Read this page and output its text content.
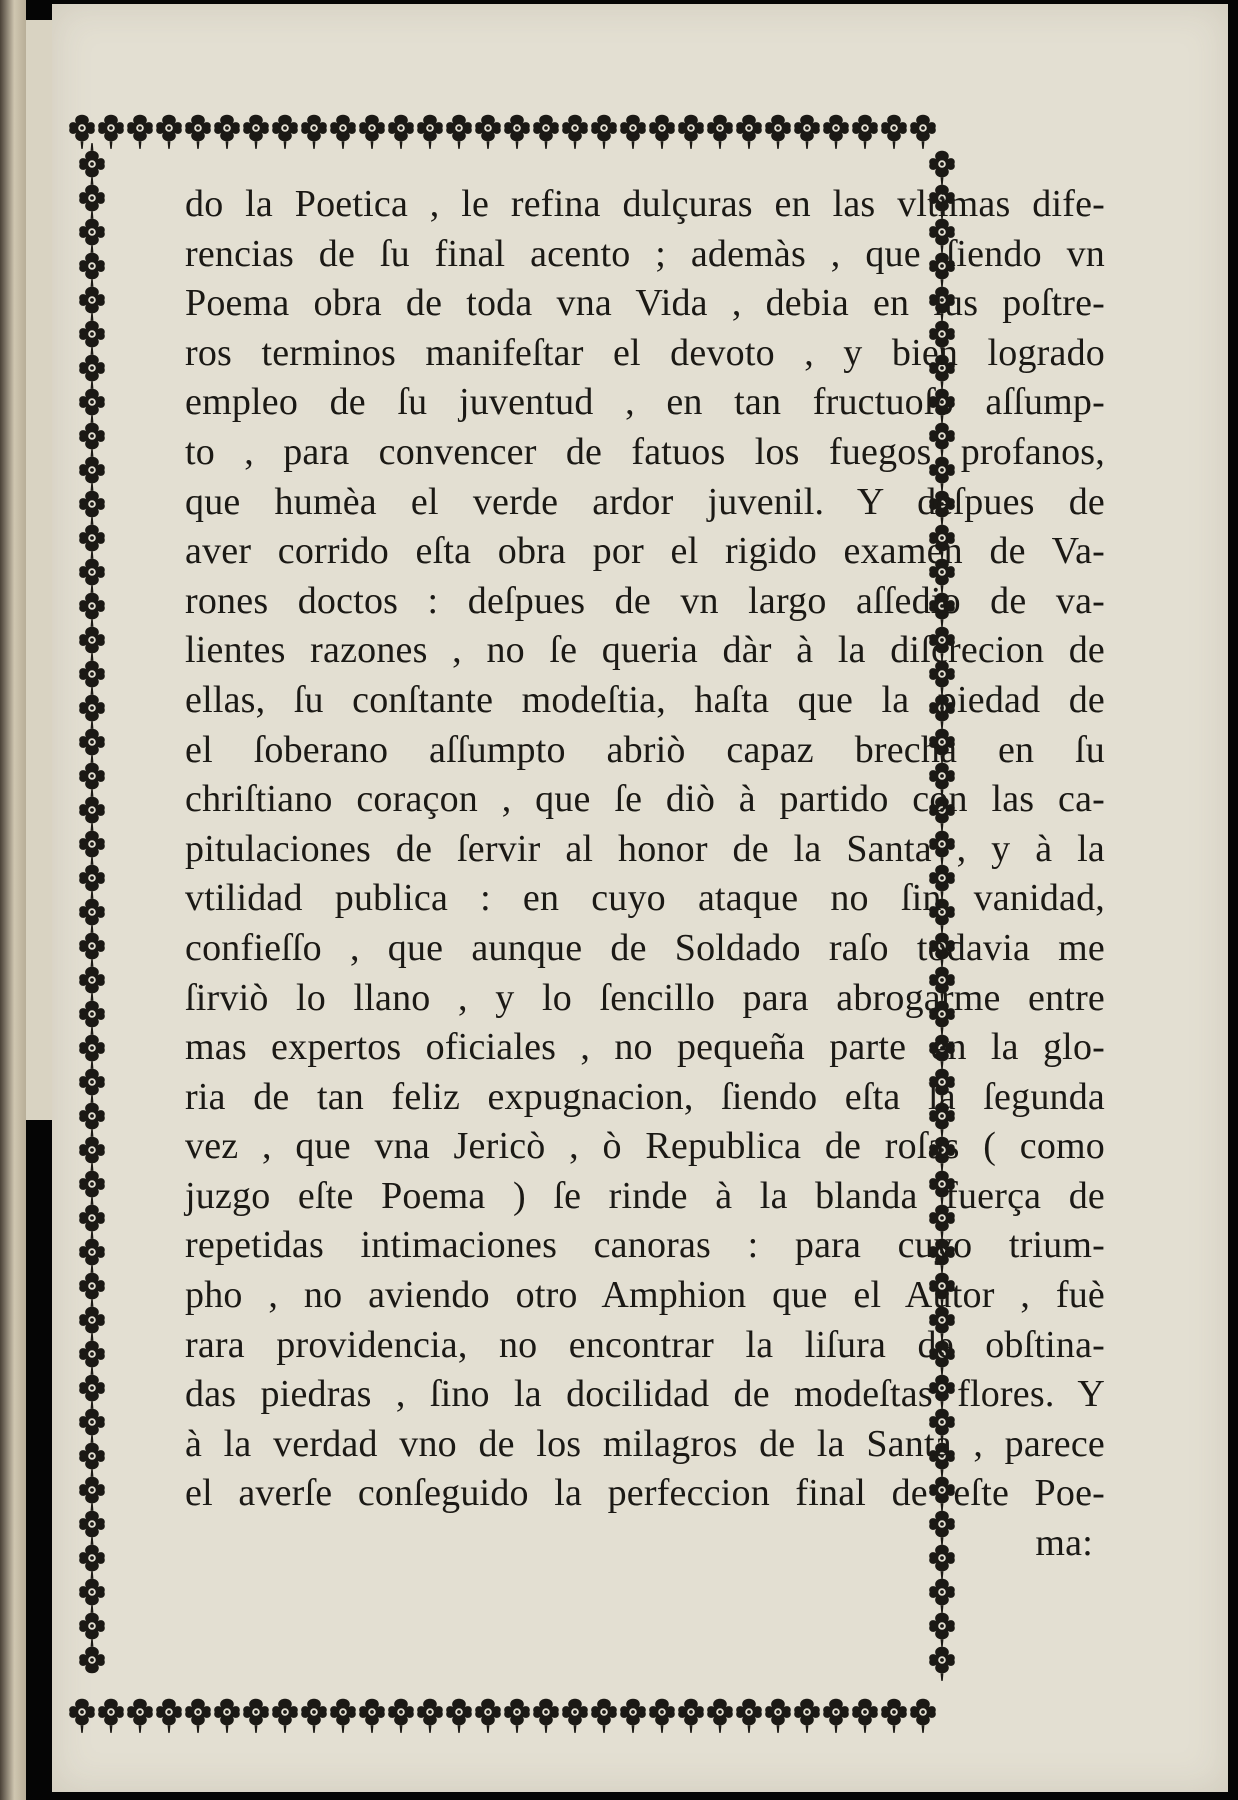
do la Poetica , le refina dulçuras en las vltimas dife-
rencias de ſu final acento ; ademàs , que ſiendo vn
Poema obra de toda vna Vida , debia en ſus poſtre-
ros terminos manifeſtar el devoto , y bien logrado
empleo de ſu juventud , en tan fructuoſo aſſump-
to , para convencer de fatuos los fuegos profanos,
que humèa el verde ardor juvenil. Y deſpues de
aver corrido eſta obra por el rigido examen de Va-
rones doctos : deſpues de vn largo aſſedio de va-
lientes razones , no ſe queria dàr à la diſcrecion de
ellas, ſu conſtante modeſtia, haſta que la piedad de
el ſoberano aſſumpto abriò capaz brecha en ſu
chriſtiano coraçon , que ſe diò à partido con las ca-
pitulaciones de ſervir al honor de la Santa , y à la
vtilidad publica : en cuyo ataque no ſin vanidad,
confieſſo , que aunque de Soldado raſo todavia me
ſirviò lo llano , y lo ſencillo para abrogarme entre
mas expertos oficiales , no pequeña parte en la glo-
ria de tan feliz expugnacion, ſiendo eſta la ſegunda
vez , que vna Jericò , ò Republica de roſas ( como
juzgo eſte Poema ) ſe rinde à la blanda fuerça de
repetidas intimaciones canoras : para cuyo trium-
pho , no aviendo otro Amphion que el Autor , fuè
rara providencia, no encontrar la liſura de obſtina-
das piedras , ſino la docilidad de modeſtas flores. Y
à la verdad vno de los milagros de la Santa , parece
el averſe conſeguido la perfeccion final de eſte Poe-
ma:
